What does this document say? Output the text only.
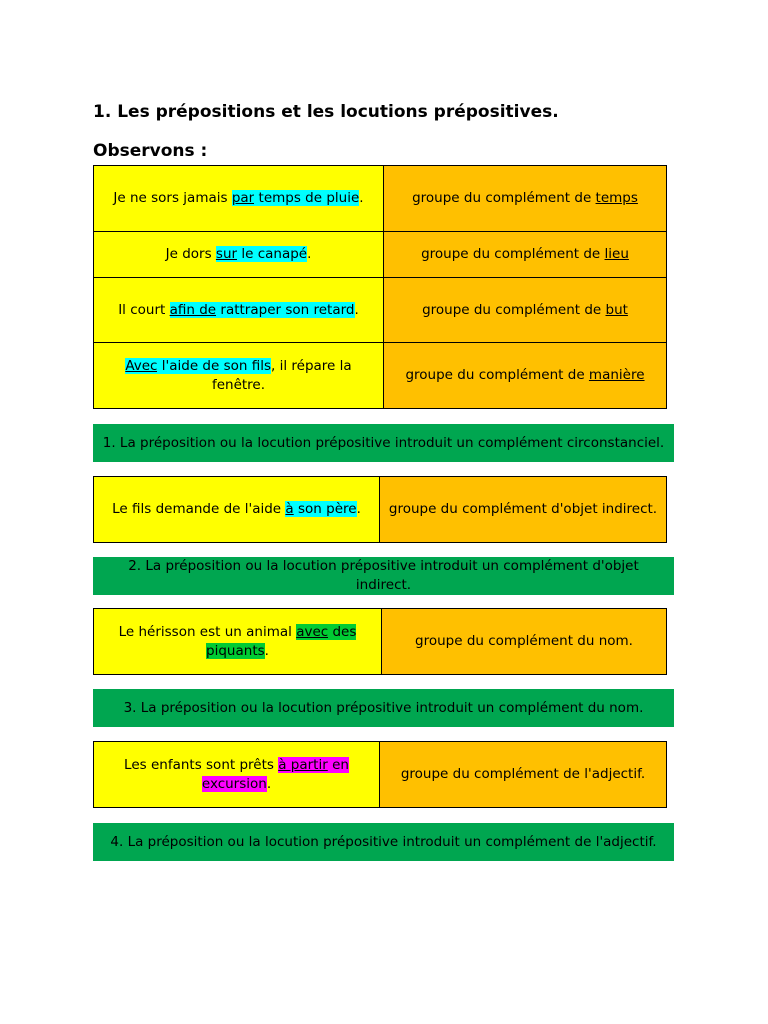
1. Les prépositions et les locutions prépositives.
Observons :
Je ne sors jamais par temps de pluie.	groupe du complément de temps
Je dors sur le canapé.	groupe du complément de lieu
Il court afin de rattraper son retard.	groupe du complément de but
Avec l'aide de son fils, il répare la fenêtre.	groupe du complément de manière
1. La préposition ou la locution prépositive introduit un complément circonstanciel.
Le fils demande de l'aide à son père.	groupe du complément d'objet indirect.
2. La préposition ou la locution prépositive introduit un complément d'objet indirect.
Le hérisson est un animal avec des piquants.	groupe du complément du nom.
3. La préposition ou la locution prépositive introduit un complément du nom.
Les enfants sont prêts à partir en excursion.	groupe du complément de l'adjectif.
4. La préposition ou la locution prépositive introduit un complément de l'adjectif.
